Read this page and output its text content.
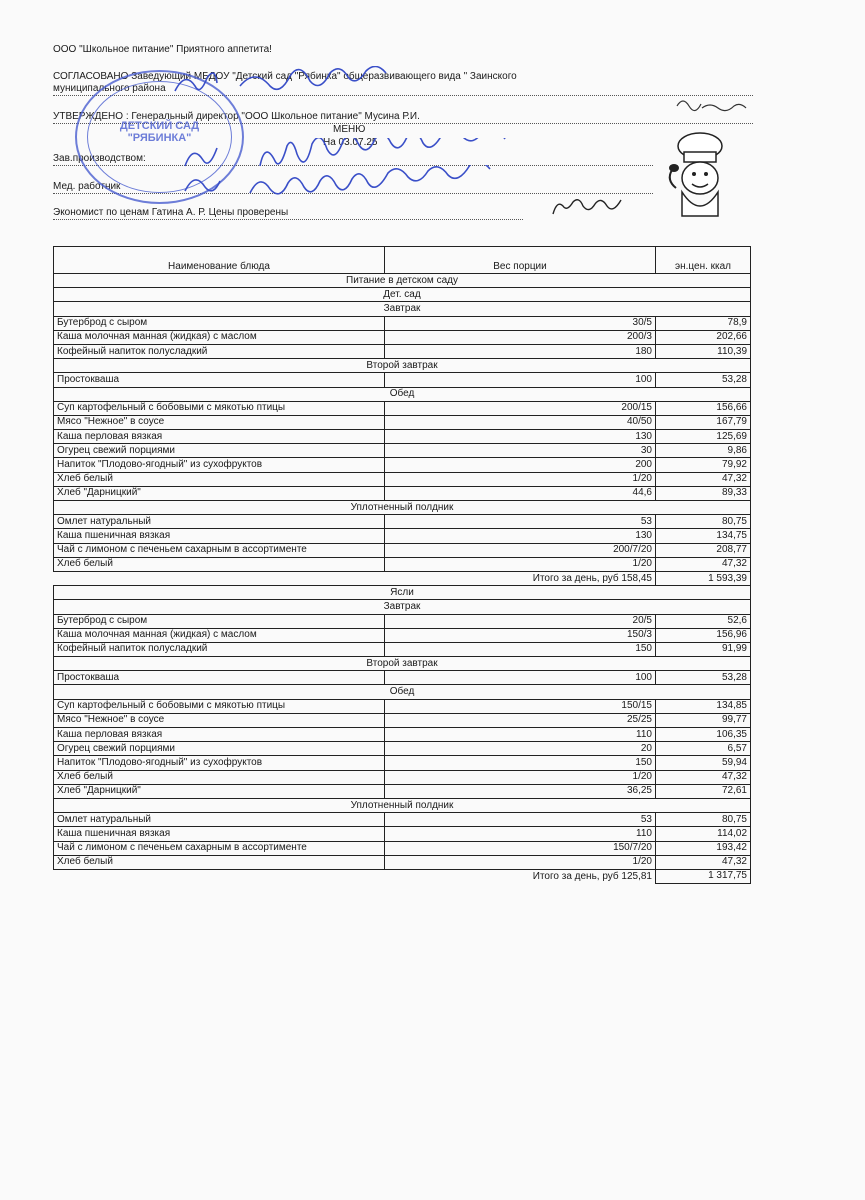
ООО "Школьное питание" Приятного аппетита!
СОГЛАСОВАНО Заведующий МБДОУ "Детский сад "Рябинка" общеразвивающего вида " Заинского
муниципального района
УТВЕРЖДЕНО : Генеральный директор "ООО Школьное питание" Мусина Р.И.
МЕНЮ
На 03.07.25
Зав.производством:
Мед. работник
Экономист по ценам Гатина А. Р. Цены проверены
ДЕТСКИЙ САД
"РЯБИНКА"
Наименование блюда	Вес порции	эн.цен. ккал
Питание в детском саду		
Дет. сад		
Завтрак		
Бутерброд с сыром	30/5	78,9
Каша молочная манная (жидкая) с маслом	200/3	202,66
Кофейный напиток полусладкий	180	110,39
Второй завтрак		
Простокваша	100	53,28
Обед		
Суп картофельный с бобовыми с мякотью птицы	200/15	156,66
Мясо "Нежное" в соусе	40/50	167,79
Каша перловая вязкая	130	125,69
Огурец свежий порциями	30	9,86
Напиток "Плодово-ягодный" из сухофруктов	200	79,92
Хлеб белый	1/20	47,32
Хлеб "Дарницкий"	44,6	89,33
Уплотненный полдник		
Омлет натуральный	53	80,75
Каша пшеничная вязкая	130	134,75
Чай с лимоном с печеньем сахарным в ассортименте	200/7/20	208,77
Хлеб белый	1/20	47,32
	Итого за день, руб 158,45	1 593,39
Ясли		
Завтрак		
Бутерброд с сыром	20/5	52,6
Каша молочная манная (жидкая) с маслом	150/3	156,96
Кофейный напиток полусладкий	150	91,99
Второй завтрак		
Простокваша	100	53,28
Обед		
Суп картофельный с бобовыми с мякотью птицы	150/15	134,85
Мясо "Нежное" в соусе	25/25	99,77
Каша перловая вязкая	110	106,35
Огурец свежий порциями	20	6,57
Напиток "Плодово-ягодный" из сухофруктов	150	59,94
Хлеб белый	1/20	47,32
Хлеб "Дарницкий"	36,25	72,61
Уплотненный полдник		
Омлет натуральный	53	80,75
Каша пшеничная вязкая	110	114,02
Чай с лимоном с печеньем сахарным в ассортименте	150/7/20	193,42
Хлеб белый	1/20	47,32
	Итого за день, руб 125,81	1 317,75
